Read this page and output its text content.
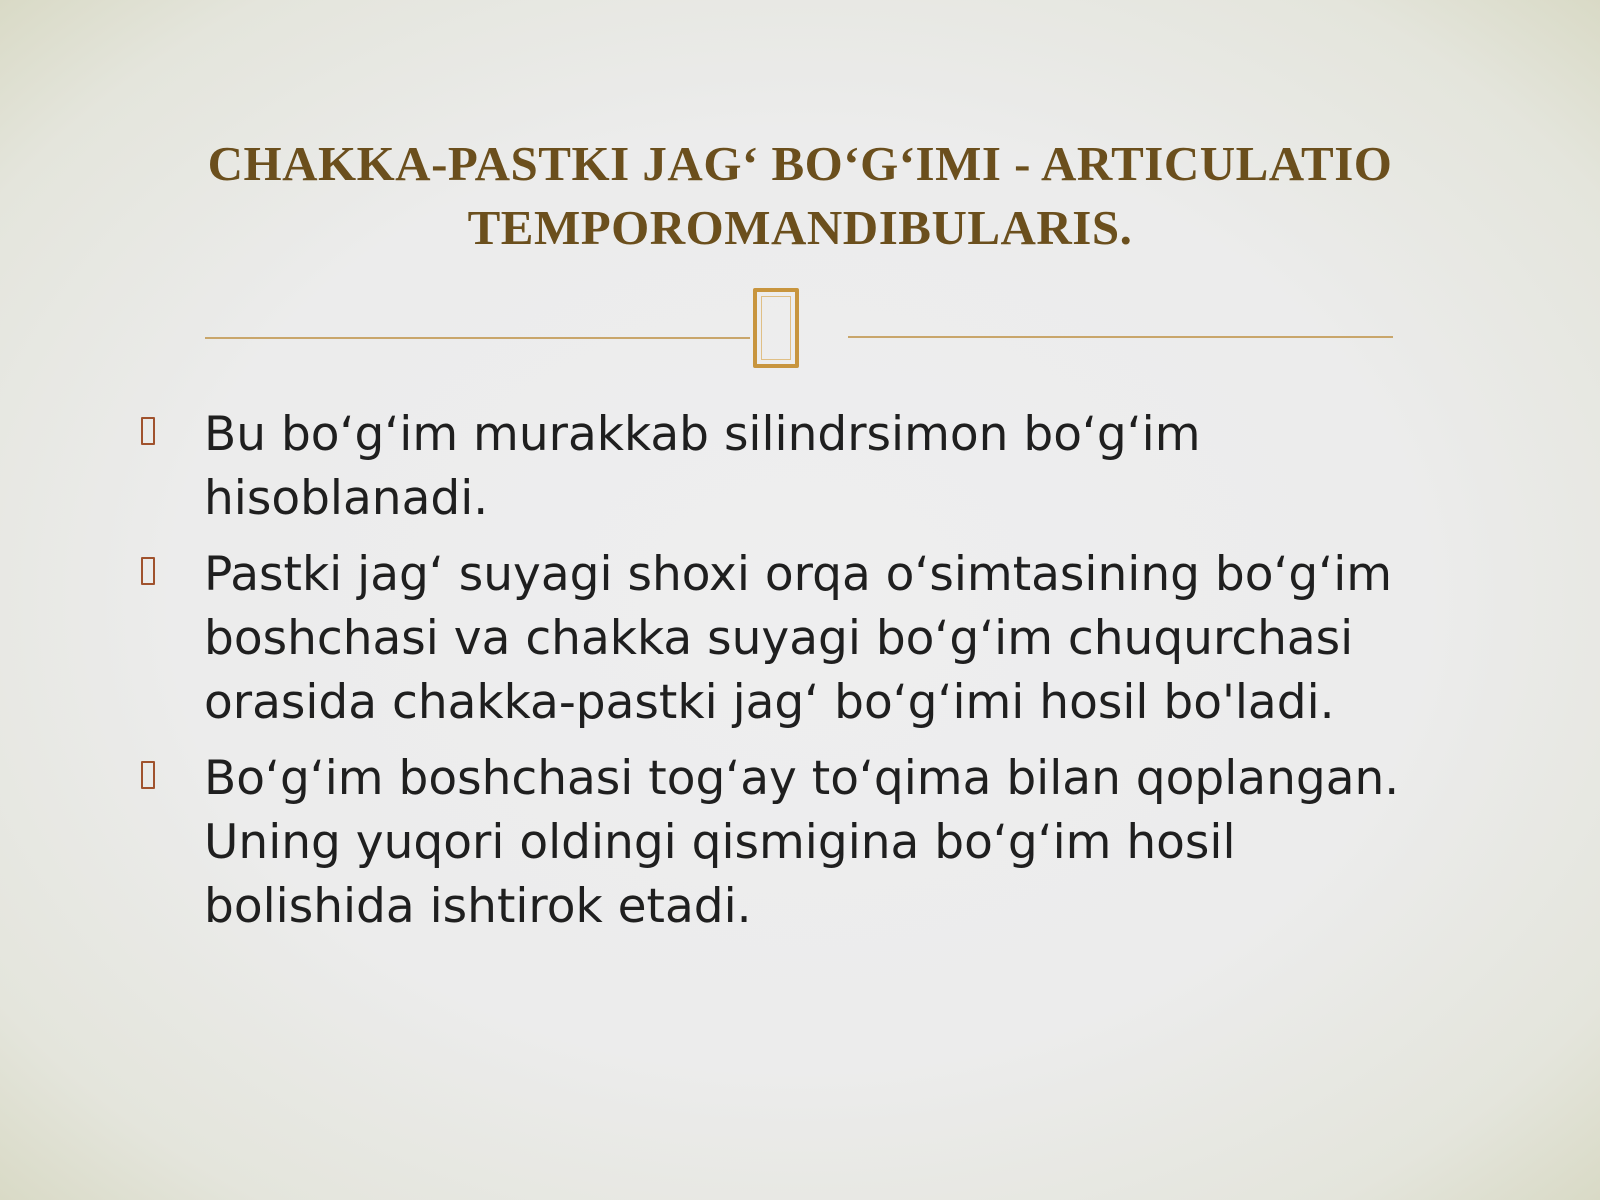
CHAKKA-PASTKI JAG‘ BO‘G‘IMI - ARTICULATIO
TEMPOROMANDIBULARIS.
Bu bo‘g‘im murakkab silindrsimon bo‘g‘im hisoblanadi.
Pastki jag‘ suyagi shoxi orqa o‘simtasining bo‘g‘im boshchasi va chakka suyagi bo‘g‘im chuqurchasi orasida chakka-pastki jag‘ bo‘g‘imi hosil bo'ladi.
Bo‘g‘im boshchasi tog‘ay to‘qima bilan qoplangan. Uning yuqori oldingi qismigina bo‘g‘im hosil bolishida ishtirok etadi.
